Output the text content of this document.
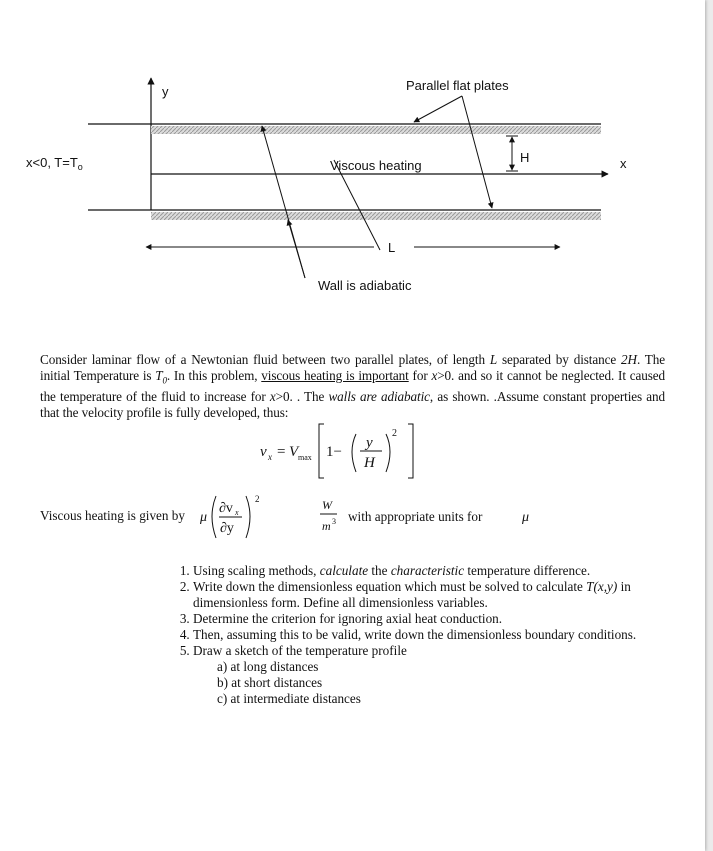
y
x
x<0, $T=T_o$
Parallel flat plates
H
Viscous heating
L
Wall is adiabatic
Consider laminar flow of a Newtonian fluid between two parallel plates, of length L separated by distance 2H. The initial Temperature is $T_0$. In this problem, viscous heating is important for x>0. and so it cannot be neglected. It caused the temperature of the fluid to increase for x>0. . The walls are adiabatic, as shown. .Assume constant properties and that the velocity profile is fully developed, thus:
v x = V max 1−
y
H
2
Viscous heating is given by μ
∂v x
∂y
2	W
m 3 with appropriate units for	μ
1. Using scaling methods, calculate the characteristic temperature difference.
2. Write down the dimensionless equation which must be solved to calculate T(x,y) in dimensionless form. Define all dimensionless variables.
3. Determine the criterion for ignoring axial heat conduction.
4. Then, assuming this to be valid, write down the dimensionless boundary conditions.
5. Draw a sketch of the temperature profile
a) at long distances
b) at short distances
c) at intermediate distances
